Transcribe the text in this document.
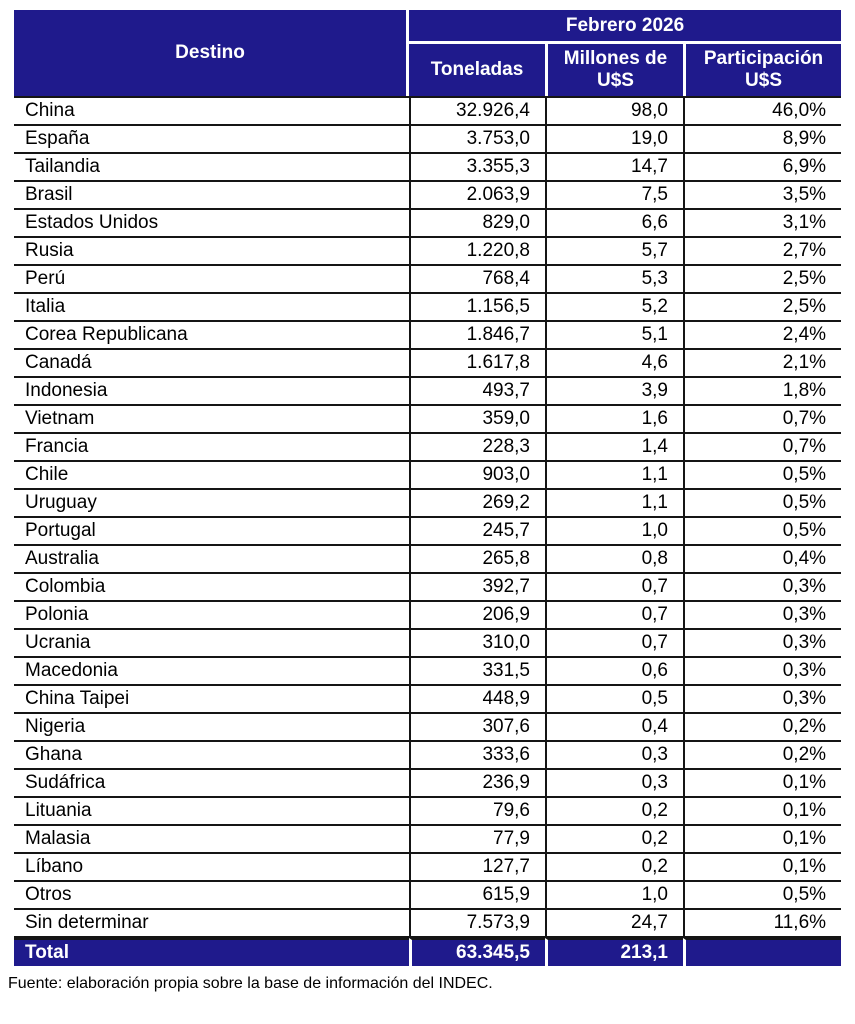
Destino	Febrero 2026		
	Toneladas	Millones de U$S	Participación U$S
China	32.926,4	98,0	46,0%
España	3.753,0	19,0	8,9%
Tailandia	3.355,3	14,7	6,9%
Brasil	2.063,9	7,5	3,5%
Estados Unidos	829,0	6,6	3,1%
Rusia	1.220,8	5,7	2,7%
Perú	768,4	5,3	2,5%
Italia	1.156,5	5,2	2,5%
Corea Republicana	1.846,7	5,1	2,4%
Canadá	1.617,8	4,6	2,1%
Indonesia	493,7	3,9	1,8%
Vietnam	359,0	1,6	0,7%
Francia	228,3	1,4	0,7%
Chile	903,0	1,1	0,5%
Uruguay	269,2	1,1	0,5%
Portugal	245,7	1,0	0,5%
Australia	265,8	0,8	0,4%
Colombia	392,7	0,7	0,3%
Polonia	206,9	0,7	0,3%
Ucrania	310,0	0,7	0,3%
Macedonia	331,5	0,6	0,3%
China Taipei	448,9	0,5	0,3%
Nigeria	307,6	0,4	0,2%
Ghana	333,6	0,3	0,2%
Sudáfrica	236,9	0,3	0,1%
Lituania	79,6	0,2	0,1%
Malasia	77,9	0,2	0,1%
Líbano	127,7	0,2	0,1%
Otros	615,9	1,0	0,5%
Sin determinar	7.573,9	24,7	11,6%
Total	63.345,5	213,1	
Fuente: elaboración propia sobre la base de información del INDEC.
